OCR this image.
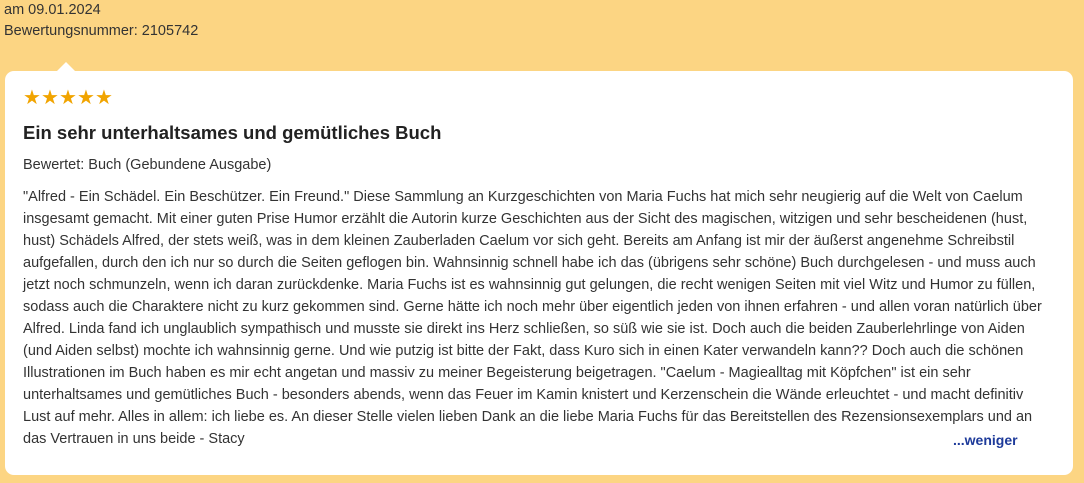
am 09.01.2024
Bewertungsnummer: 2105742
★ ★ ★ ★ ★
Ein sehr unterhaltsames und gemütliches Buch
Bewertet: Buch (Gebundene Ausgabe)
"Alfred - Ein Schädel. Ein Beschützer. Ein Freund." Diese Sammlung an Kurzgeschichten von Maria Fuchs hat mich sehr neugierig auf die Welt von Caelum insgesamt gemacht. Mit einer guten Prise Humor erzählt die Autorin kurze Geschichten aus der Sicht des magischen, witzigen und sehr bescheidenen (hust, hust) Schädels Alfred, der stets weiß, was in dem kleinen Zauberladen Caelum vor sich geht. Bereits am Anfang ist mir der äußerst angenehme Schreibstil aufgefallen, durch den ich nur so durch die Seiten geflogen bin. Wahnsinnig schnell habe ich das (übrigens sehr schöne) Buch durchgelesen - und muss auch jetzt noch schmunzeln, wenn ich daran zurückdenke. Maria Fuchs ist es wahnsinnig gut gelungen, die recht wenigen Seiten mit viel Witz und Humor zu füllen, sodass auch die Charaktere nicht zu kurz gekommen sind. Gerne hätte ich noch mehr über eigentlich jeden von ihnen erfahren - und allen voran natürlich über Alfred. Linda fand ich unglaublich sympathisch und musste sie direkt ins Herz schließen, so süß wie sie ist. Doch auch die beiden Zauberlehrlinge von Aiden (und Aiden selbst) mochte ich wahnsinnig gerne. Und wie putzig ist bitte der Fakt, dass Kuro sich in einen Kater verwandeln kann?? Doch auch die schönen Illustrationen im Buch haben es mir echt angetan und massiv zu meiner Begeisterung beigetragen. "Caelum - Magiealltag mit Köpfchen" ist ein sehr unterhaltsames und gemütliches Buch - besonders abends, wenn das Feuer im Kamin knistert und Kerzenschein die Wände erleuchtet - und macht definitiv Lust auf mehr. Alles in allem: ich liebe es. An dieser Stelle vielen lieben Dank an die liebe Maria Fuchs für das Bereitstellen des Rezensionsexemplars und an das Vertrauen in uns beide - Stacy	...weniger
